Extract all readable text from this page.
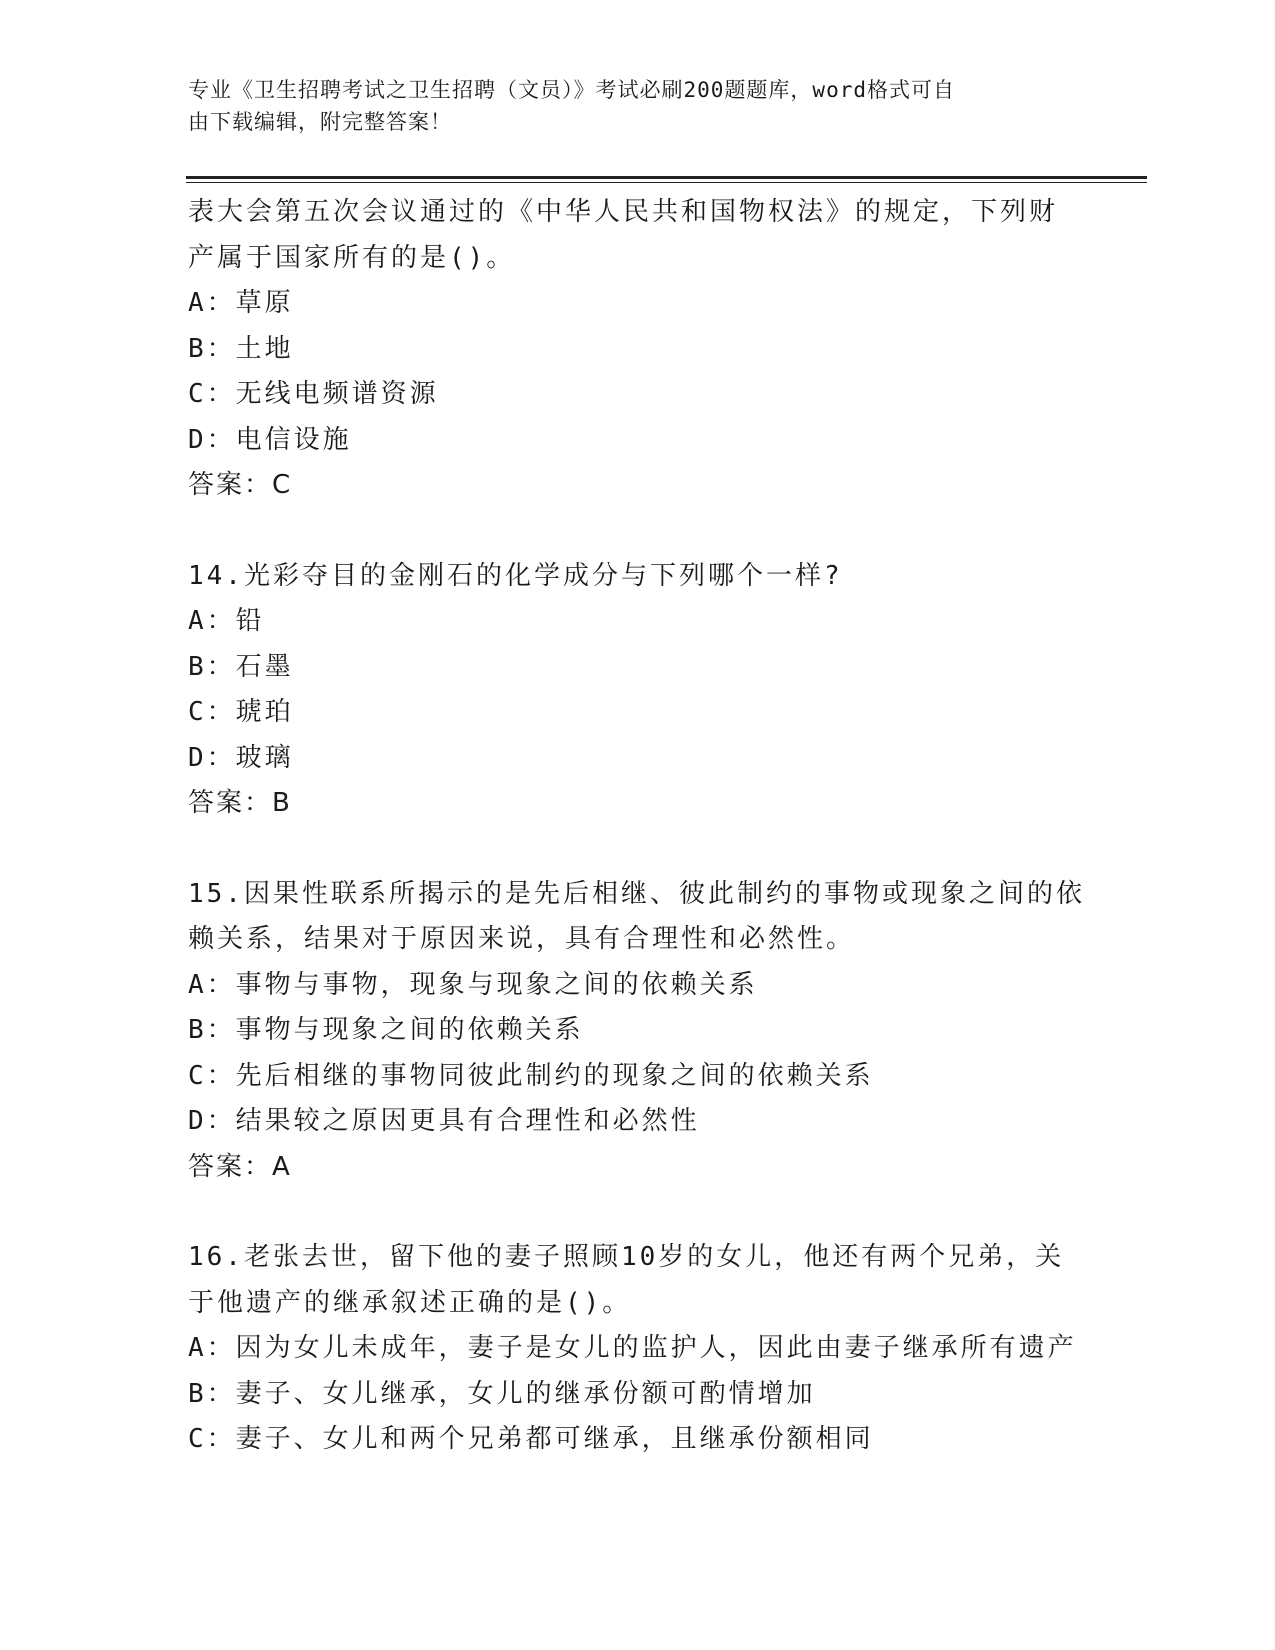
专业《卫生招聘考试之卫生招聘（文员）》考试必刷200题题库，word格式可自
由下载编辑，附完整答案！
表大会第五次会议通过的《中华人民共和国物权法》的规定，下列财
产属于国家所有的是()。
A：草原
B：土地
C：无线电频谱资源
D：电信设施
答案：C
14.光彩夺目的金刚石的化学成分与下列哪个一样?
A：铅
B：石墨
C：琥珀
D：玻璃
答案：B
15.因果性联系所揭示的是先后相继、彼此制约的事物或现象之间的依
赖关系，结果对于原因来说，具有合理性和必然性。
A：事物与事物，现象与现象之间的依赖关系
B：事物与现象之间的依赖关系
C：先后相继的事物同彼此制约的现象之间的依赖关系
D：结果较之原因更具有合理性和必然性
答案：A
16.老张去世，留下他的妻子照顾10岁的女儿，他还有两个兄弟，关
于他遗产的继承叙述正确的是()。
A：因为女儿未成年，妻子是女儿的监护人，因此由妻子继承所有遗产
B：妻子、女儿继承，女儿的继承份额可酌情增加
C：妻子、女儿和两个兄弟都可继承，且继承份额相同
